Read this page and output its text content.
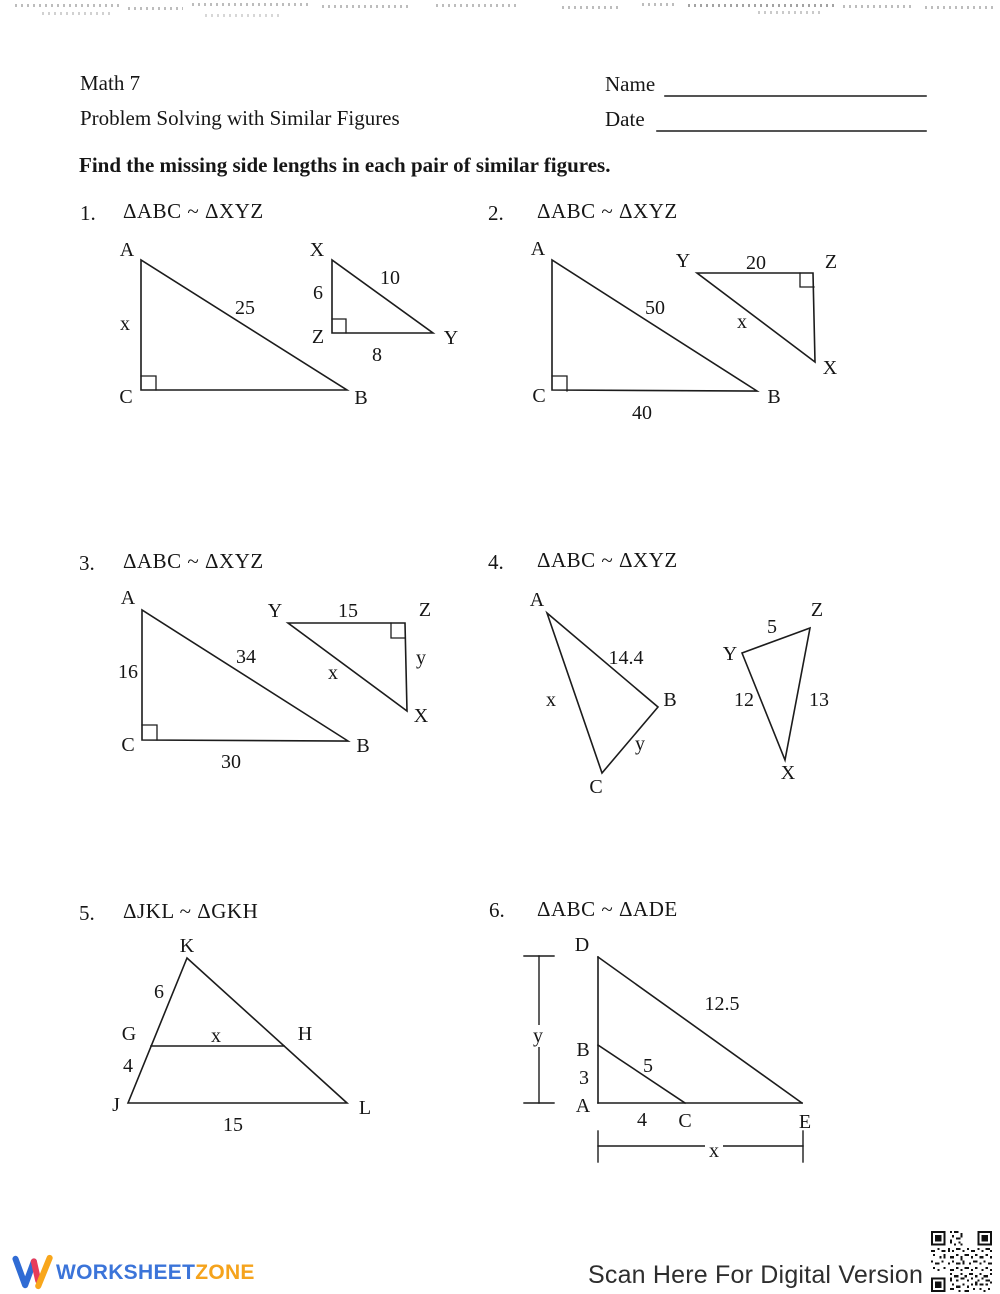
Math 7
Problem Solving with Similar Figures
Name
Date
Find the missing side lengths in each pair of similar figures.
1. ΔABC ~ ΔXYZ	2. ΔABC ~ ΔXYZ
3. ΔABC ~ ΔXYZ	4. ΔABC ~ ΔXYZ
5. ΔJKL ~ ΔGKH	6. ΔABC ~ ΔADE
A
x
25
C	B
X
6
10
Z	Y
8
A
50
C	B
40
Y	20	Z
x
X
A
16
34
C	B
30
Y	15	Z
x
y
X
A
14.4
x	B
y
C
Z
5
Y
12	13
X
K
6
G	x	H
4
J	L
15
D
y
B
3
A
12.5
5
4 C	E
x
WORKSHEETZONE	Scan Here For Digital Version
